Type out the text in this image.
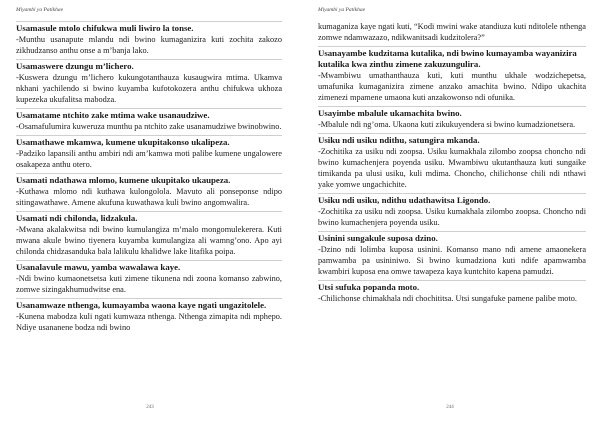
Miyambi ya Patikhae

Usamasule mtolo chifukwa muli liwiro la tonse.

-Munthu usanapute mlandu ndi bwino kumaganizira kuti zochita zakozo zikhudzanso anthu onse a m’banja lako.

Usamaswere dzungu m’lichero.

-Kuswera dzungu m’lichero kukungotanthauza kusaugwira mtima. Ukamva nkhani yachilendo si bwino kuyamba kufotokozera anthu chifukwa ukhoza kupezeka ukufalitsa mabodza.

Usamatame ntchito zake mtima wake usanaudziwe.

-Osamafulumira kuweruza munthu pa ntchito zake usanamudziwe bwinobwino.

Usamathawe mkamwa, kumene ukupitakonso ukalipeza.

-Padziko lapansili anthu ambiri ndi am’kamwa moti palibe kumene ungalowere osakapeza anthu otero.

Usamati ndathawa mlomo, kumene ukupitako ukaupeza.

-Kuthawa mlomo ndi kuthawa kulongolola. Mavuto ali ponseponse ndipo sitingawathawe. Amene akufuna kuwathawa kuli bwino angomwalira.

Usamati ndi chilonda, lidzakula.

-Mwana akalakwitsa ndi bwino kumulangiza m’malo mongomulekerera. Kuti mwana akule bwino tiyenera kuyamba kumulangiza ali wamng’ono. Apo ayi chilonda chidzasanduka bala lalikulu khalidwe lake litafika poipa.

Usanalavule mawu, yamba wawalawa kaye.

-Ndi bwino kumaonetsetsa kuti zimene tikunena ndi zoona komanso zabwino, zomwe sizingakhumudwitse ena.

Usanamwaze nthenga, kumayamba waona kaye ngati ungazitolele.

-Kunena mabodza kuli ngati kumwaza nthenga. Nthenga zimapita ndi mphepo. Ndiye usananene bodza ndi bwino

243
Miyambi ya Patikhae

kumaganiza kaye ngati kuti, “Kodi mwini wake atandiuza kuti nditolele nthenga zomwe ndamwazazo, ndikwanitsadi kudzitolera?”

Usanayambe kudzitama kutalika, ndi bwino kumayamba wayanizira kutalika kwa zinthu zimene zakuzungulira.

-Mwambiwu umathanthauza kuti, kuti munthu ukhale wodzichepetsa, umafunika kumaganizira zimene anzako amachita bwino. Ndipo ukachita zimenezi mpamene umaona kuti anzakowonso ndi ofunika.

Usayimbe mbalule ukamachita bwino.

-Mbalule ndi ng’oma. Ukaona kuti zikukuyendera si bwino kumadzionetsera.

Usiku ndi usiku ndithu, satungira mkanda.

-Zochitika za usiku ndi zoopsa. Usiku kumakhala zilombo zoopsa choncho ndi bwino kumachenjera poyenda usiku. Mwambiwu ukutanthauza kuti sungaike timikanda pa ulusi usiku, kuli mdima. Choncho, chilichonse chili ndi nthawi yake yomwe ungachichite.

Usiku ndi usiku, ndithu udathawitsa Ligondo.

-Zochitika za usiku ndi zoopsa. Usiku kumakhala zilombo zoopsa. Choncho ndi bwino kumachenjera poyenda usiku.

Usinini sungakule suposa dzino.

-Dzino ndi lolimba kuposa usinini. Komanso mano ndi amene amaonekera pamwamba pa usininiwo. Si bwino kumadziona kuti ndife apamwamba kwambiri kuposa ena omwe tawapeza kaya kuntchito kapena pamudzi.

Utsi sufuka popanda moto.

-Chilichonse chimakhala ndi chochititsa. Utsi sungafuke pamene palibe moto.

244
